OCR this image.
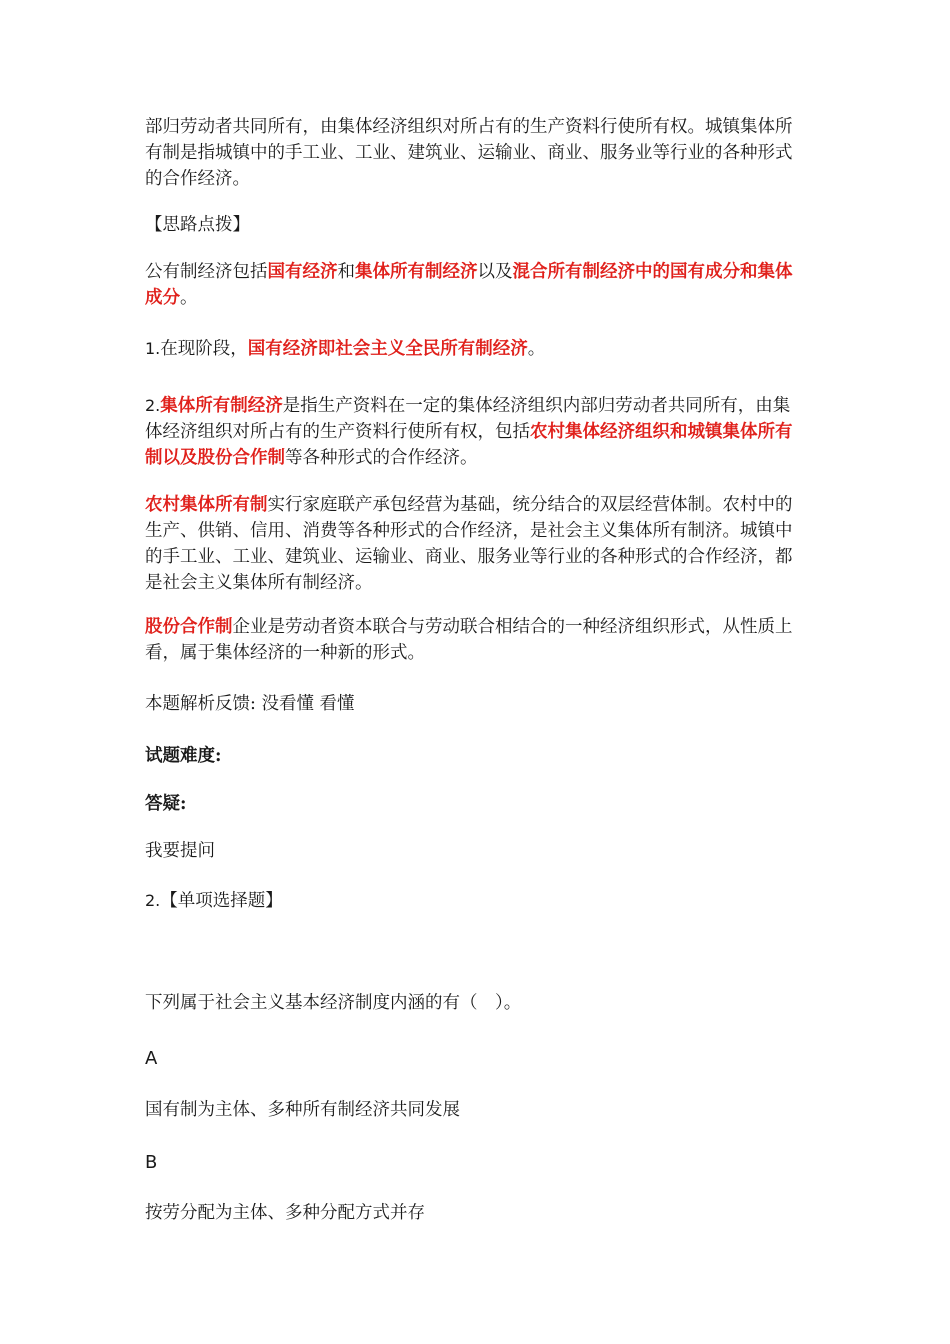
部归劳动者共同所有，由集体经济组织对所占有的生产资料行使所有权。城镇集体所有制是指城镇中的手工业、工业、建筑业、运输业、商业、服务业等行业的各种形式的合作经济。
【思路点拨】
公有制经济包括国有经济和集体所有制经济以及混合所有制经济中的国有成分和集体成分。
1.在现阶段，国有经济即社会主义全民所有制经济。
2.集体所有制经济是指生产资料在一定的集体经济组织内部归劳动者共同所有，由集体经济组织对所占有的生产资料行使所有权，包括农村集体经济组织和城镇集体所有制以及股份合作制等各种形式的合作经济。
农村集体所有制实行家庭联产承包经营为基础，统分结合的双层经营体制。农村中的生产、供销、信用、消费等各种形式的合作经济，是社会主义集体所有制济。城镇中的手工业、工业、建筑业、运输业、商业、服务业等行业的各种形式的合作经济，都是社会主义集体所有制经济。
股份合作制企业是劳动者资本联合与劳动联合相结合的一种经济组织形式，从性质上看，属于集体经济的一种新的形式。
本题解析反馈: 没看懂 看懂
试题难度:
答疑:
我要提问
2.【单项选择题】
下列属于社会主义基本经济制度内涵的有（　）。
A
国有制为主体、多种所有制经济共同发展
B
按劳分配为主体、多种分配方式并存
